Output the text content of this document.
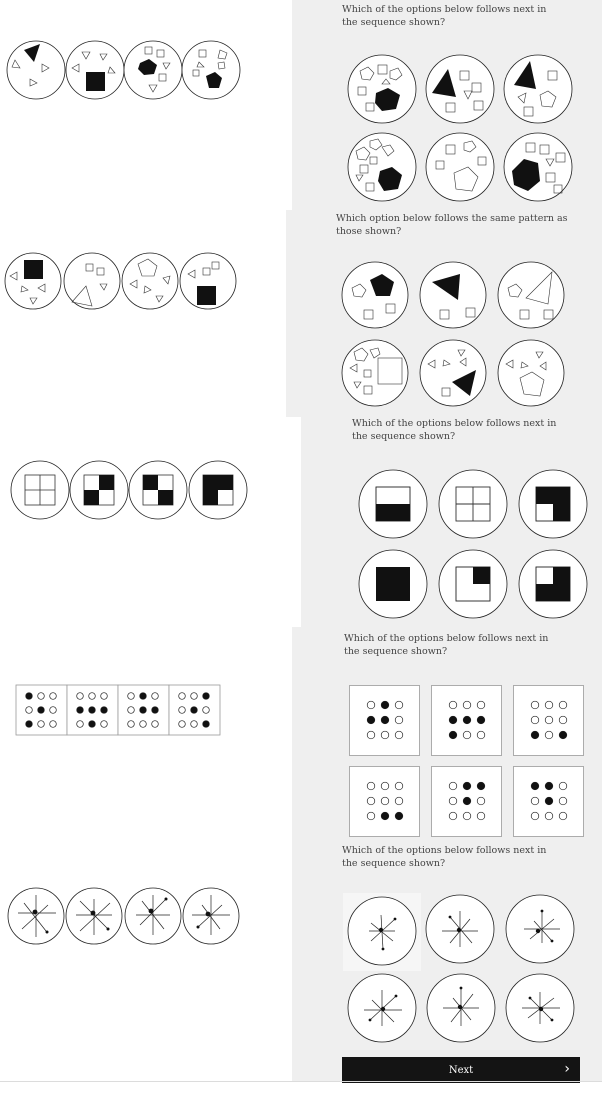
Which of the options below follows next in the sequence shown?
Which option below follows the same pattern as those shown?
Which of the options below follows next in the sequence shown?
Which of the options below follows next in the sequence shown?
Which of the options below follows next in the sequence shown?
Next	›
